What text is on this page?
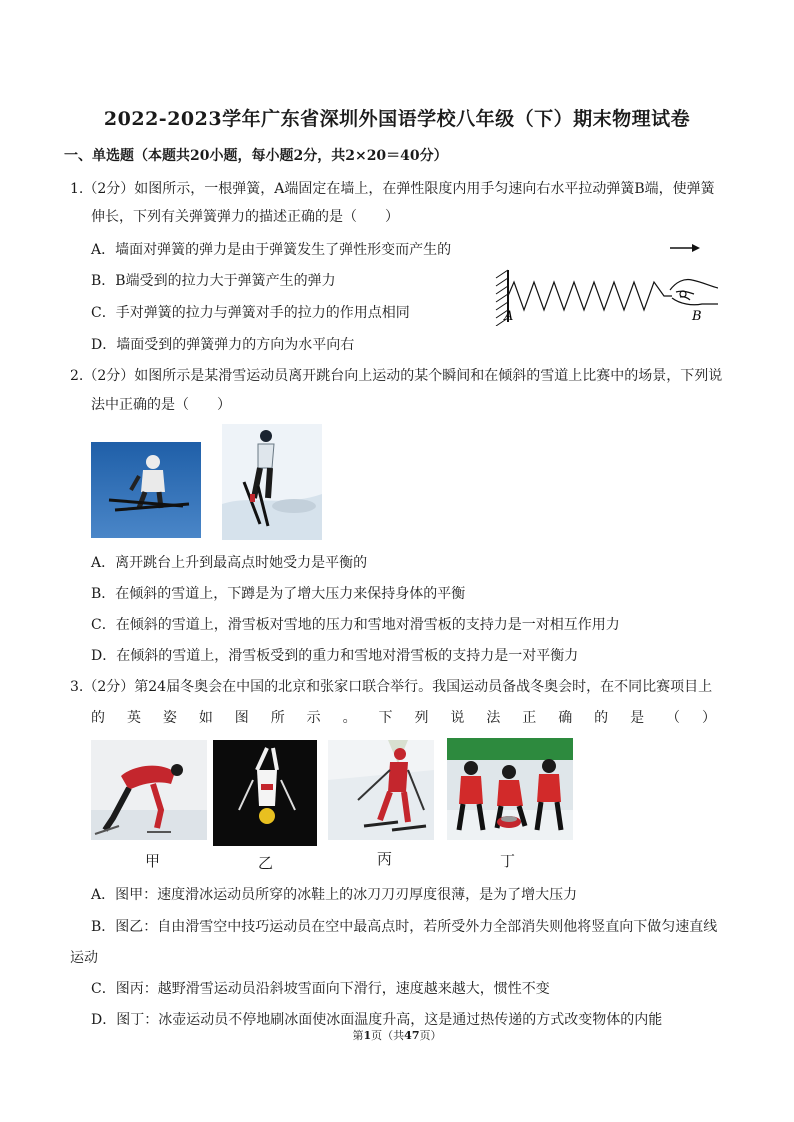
2022-2023学年广东省深圳外国语学校八年级（下）期末物理试卷
一、单选题（本题共20小题，每小题2分，共2×20＝40分）
1.（2分）如图所示，一根弹簧，A端固定在墙上，在弹性限度内用手匀速向右水平拉动弹簧B端，使弹簧
伸长，下列有关弹簧弹力的描述正确的是（　　）
A．墙面对弹簧的弹力是由于弹簧发生了弹性形变而产生的
B．B端受到的拉力大于弹簧产生的弹力
C．手对弹簧的拉力与弹簧对手的拉力的作用点相同
D．墙面受到的弹簧弹力的方向为水平向右
A	B
2.（2分）如图所示是某滑雪运动员离开跳台向上运动的某个瞬间和在倾斜的雪道上比赛中的场景，下列说
法中正确的是（　　）
A．离开跳台上升到最高点时她受力是平衡的
B．在倾斜的雪道上，下蹲是为了增大压力来保持身体的平衡
C．在倾斜的雪道上，滑雪板对雪地的压力和雪地对滑雪板的支持力是一对相互作用力
D．在倾斜的雪道上，滑雪板受到的重力和雪地对滑雪板的支持力是一对平衡力
3.（2分）第24届冬奥会在中国的北京和张家口联合举行。我国运动员备战冬奥会时，在不同比赛项目上
的 英 姿 如 图 所 示 。 下 列 说 法 正 确 的 是 （ ）
甲	乙	丙	丁
A．图甲：速度滑冰运动员所穿的冰鞋上的冰刀刀刃厚度很薄，是为了增大压力
B．图乙：自由滑雪空中技巧运动员在空中最高点时，若所受外力全部消失则他将竖直向下做匀速直线
运动
C．图丙：越野滑雪运动员沿斜坡雪面向下滑行，速度越来越大，惯性不变
D．图丁：冰壶运动员不停地刷冰面使冰面温度升高，这是通过热传递的方式改变物体的内能
第1页（共47页）
